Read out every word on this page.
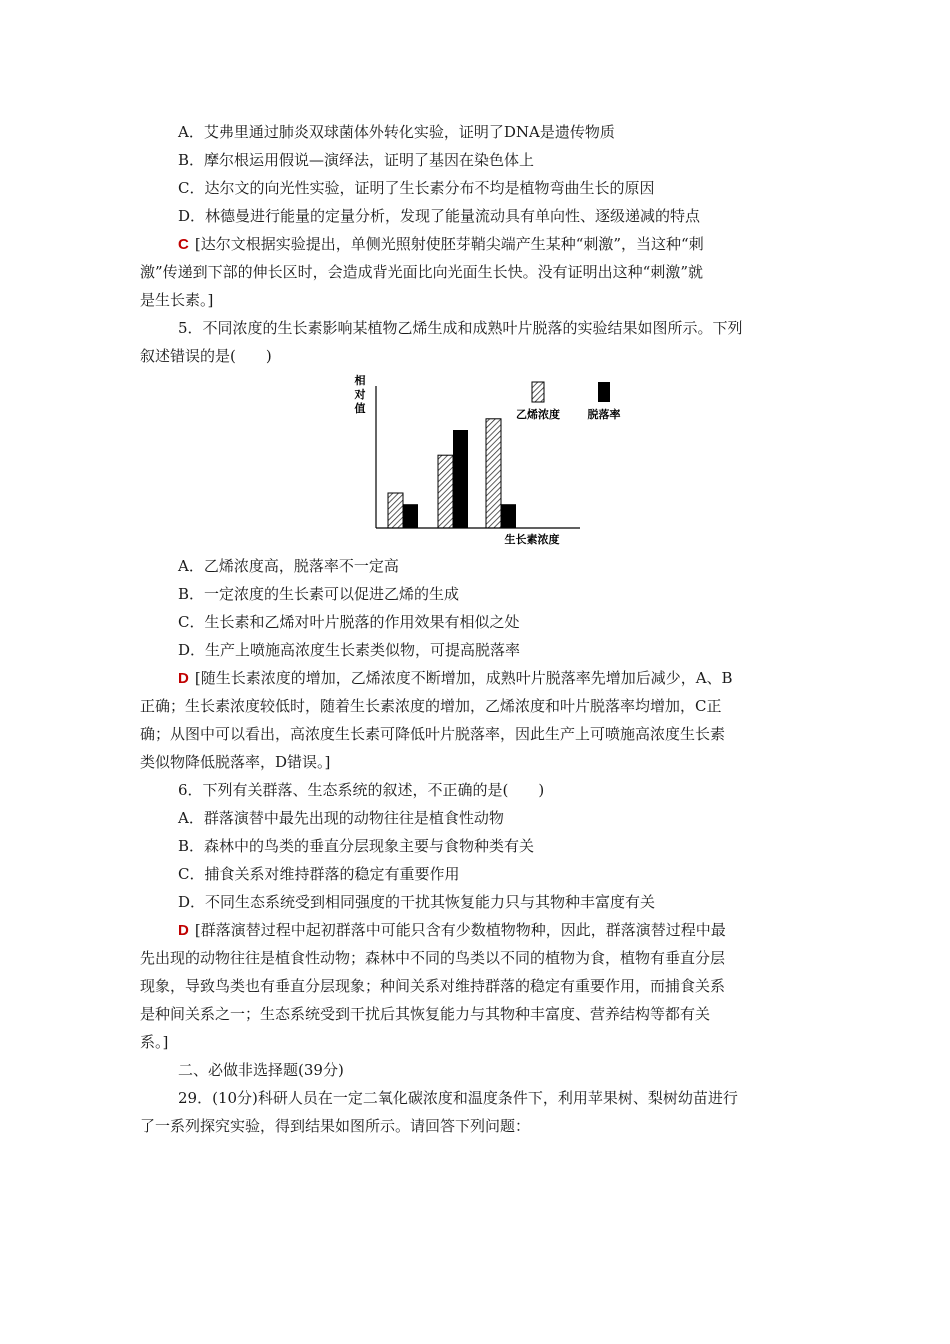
A．艾弗里通过肺炎双球菌体外转化实验，证明了DNA是遗传物质
B．摩尔根运用假说—演绎法，证明了基因在染色体上
C．达尔文的向光性实验，证明了生长素分布不均是植物弯曲生长的原因
D．林德曼进行能量的定量分析，发现了能量流动具有单向性、逐级递减的特点
C [达尔文根据实验提出，单侧光照射使胚芽鞘尖端产生某种“刺激”，当这种“刺
激”传递到下部的伸长区时，会造成背光面比向光面生长快。没有证明出这种“刺激”就
是生长素。]
5．不同浓度的生长素影响某植物乙烯生成和成熟叶片脱落的实验结果如图所示。下列
叙述错误的是(　　)
相对值
生长素浓度
乙烯浓度	脱落率
A．乙烯浓度高，脱落率不一定高
B．一定浓度的生长素可以促进乙烯的生成
C．生长素和乙烯对叶片脱落的作用效果有相似之处
D．生产上喷施高浓度生长素类似物，可提高脱落率
D [随生长素浓度的增加，乙烯浓度不断增加，成熟叶片脱落率先增加后减少，A、B
正确；生长素浓度较低时，随着生长素浓度的增加，乙烯浓度和叶片脱落率均增加，C正
确；从图中可以看出，高浓度生长素可降低叶片脱落率，因此生产上可喷施高浓度生长素
类似物降低脱落率，D错误。]
6．下列有关群落、生态系统的叙述，不正确的是(　　)
A．群落演替中最先出现的动物往往是植食性动物
B．森林中的鸟类的垂直分层现象主要与食物种类有关
C．捕食关系对维持群落的稳定有重要作用
D．不同生态系统受到相同强度的干扰其恢复能力只与其物种丰富度有关
D [群落演替过程中起初群落中可能只含有少数植物物种，因此，群落演替过程中最
先出现的动物往往是植食性动物；森林中不同的鸟类以不同的植物为食，植物有垂直分层
现象，导致鸟类也有垂直分层现象；种间关系对维持群落的稳定有重要作用，而捕食关系
是种间关系之一；生态系统受到干扰后其恢复能力与其物种丰富度、营养结构等都有关
系。]
二、必做非选择题(39分)
29．(10分)科研人员在一定二氧化碳浓度和温度条件下，利用苹果树、梨树幼苗进行
了一系列探究实验，得到结果如图所示。请回答下列问题：
